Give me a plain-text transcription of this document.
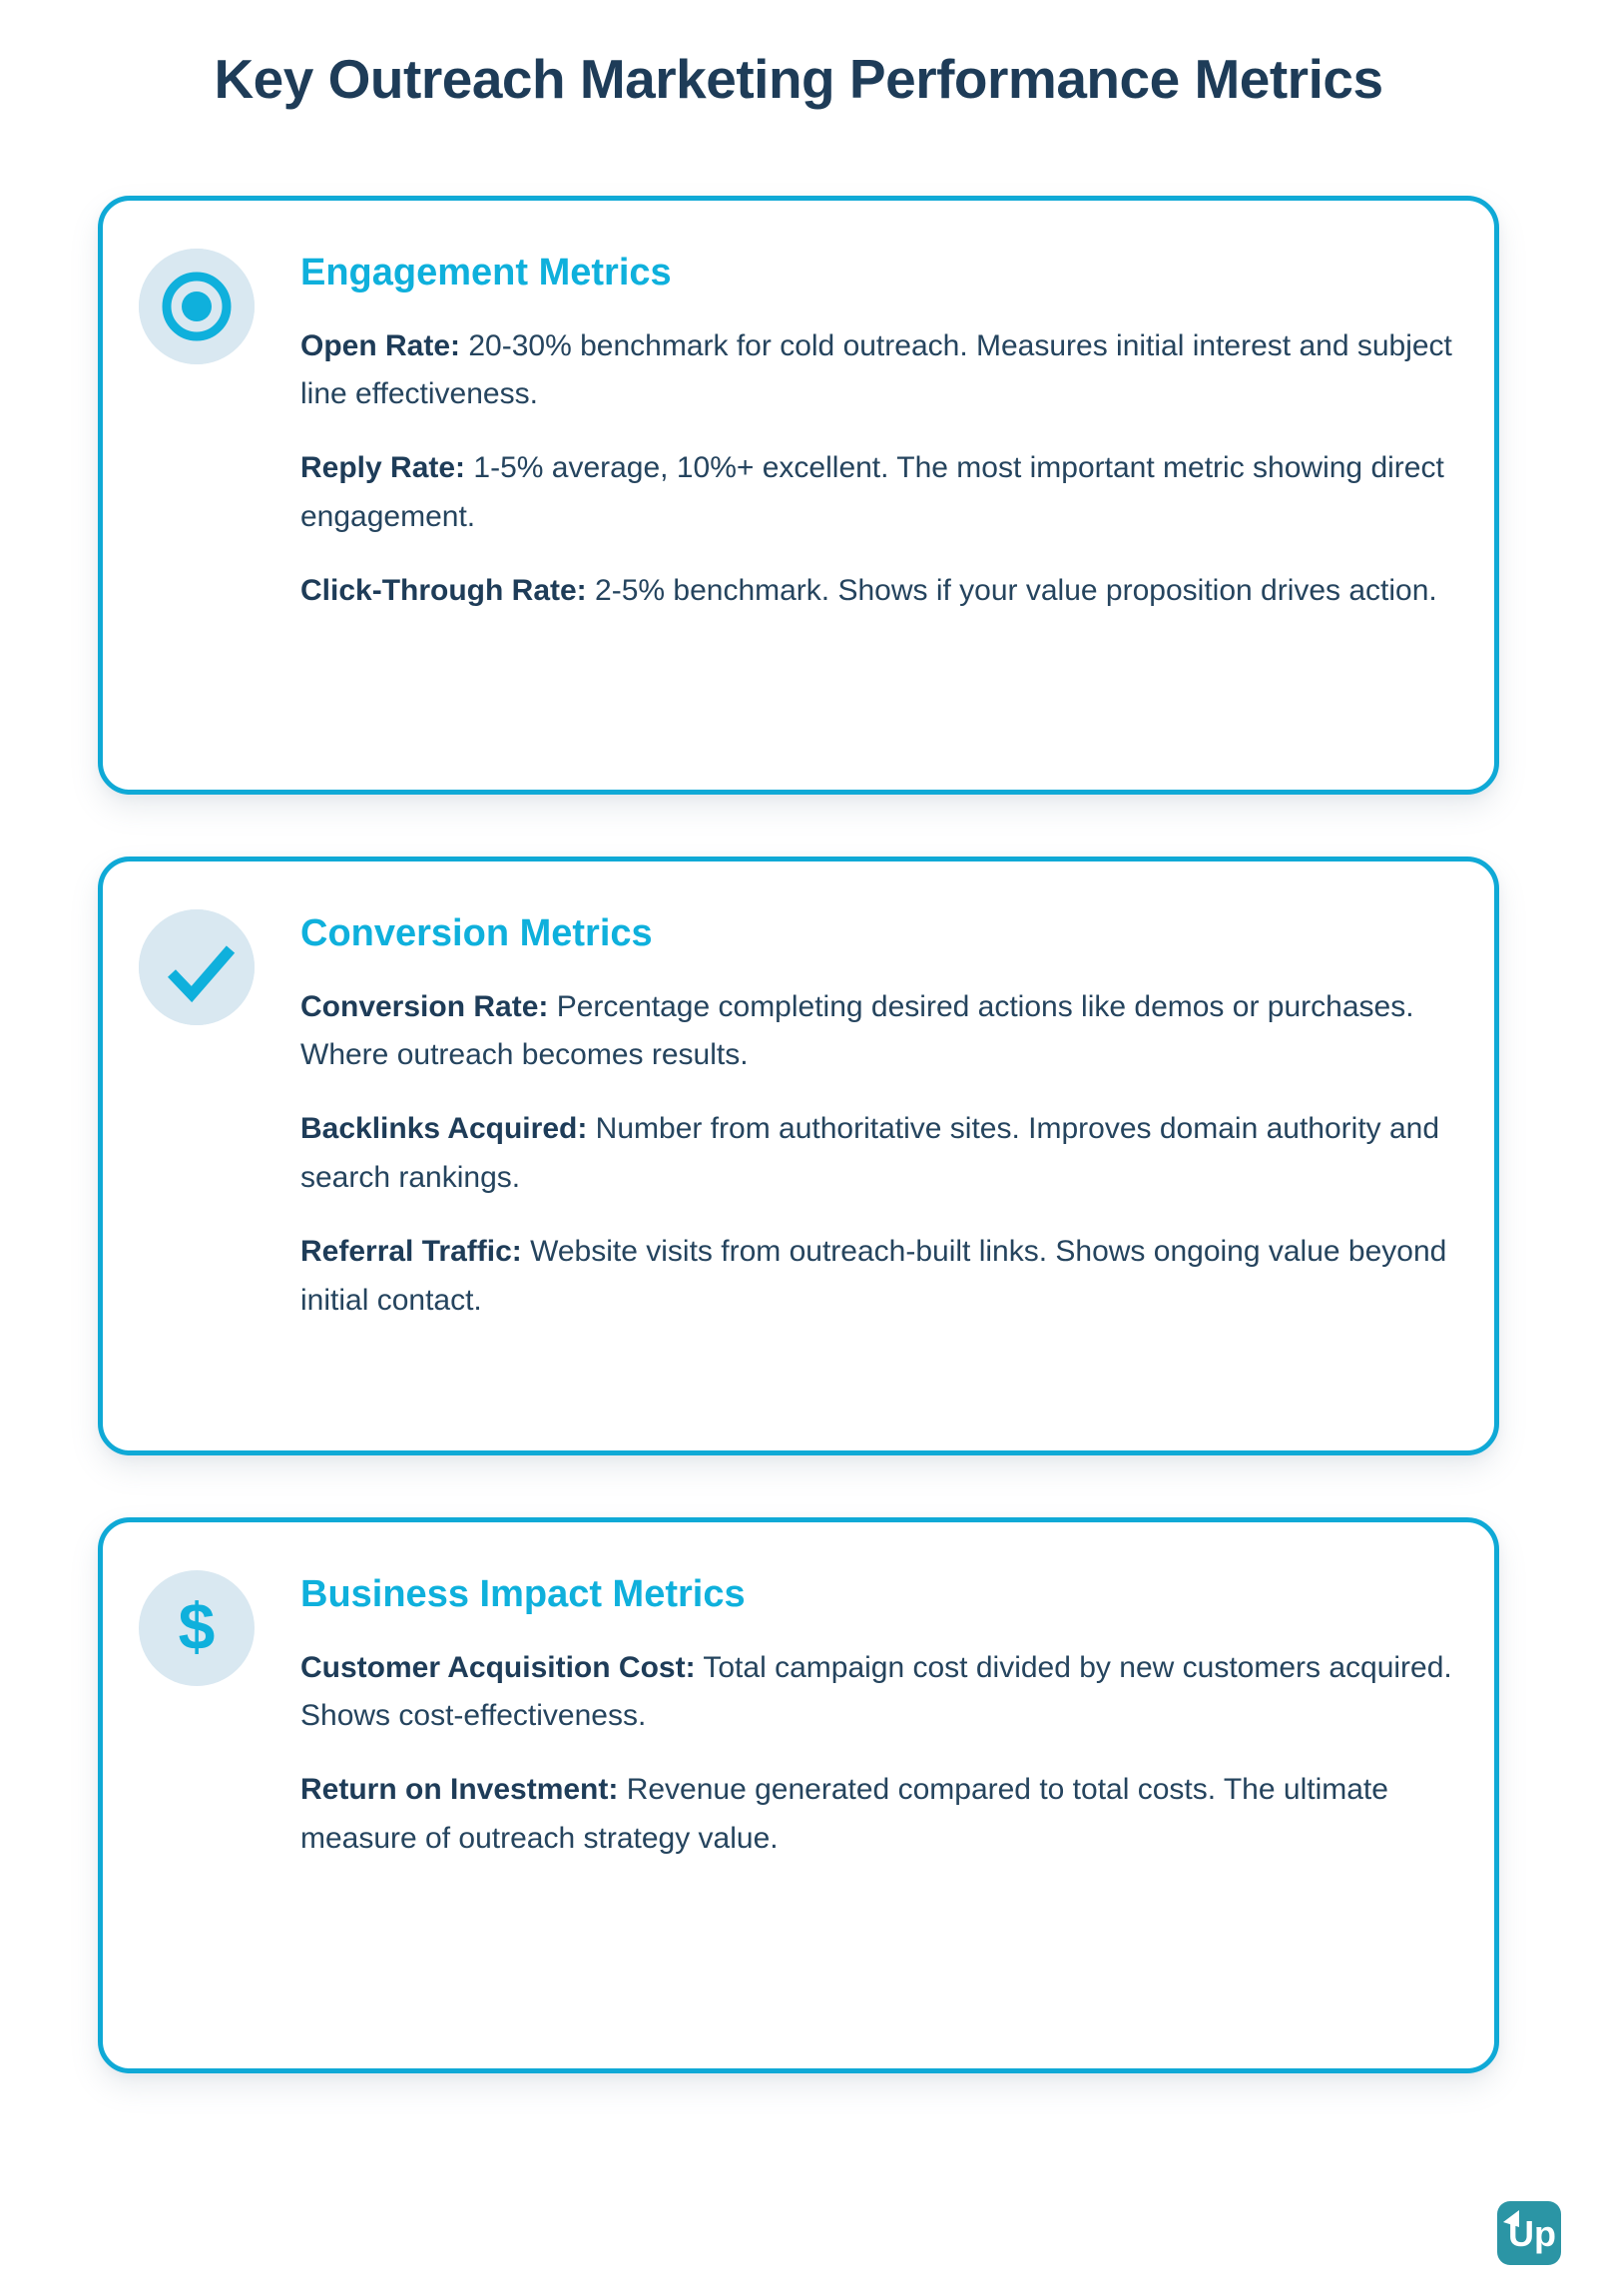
Key Outreach Marketing Performance Metrics
Engagement Metrics

Open Rate: 20-30% benchmark for cold outreach. Measures initial interest and subject line effectiveness.

Reply Rate: 1-5% average, 10%+ excellent. The most important metric showing direct engagement.

Click-Through Rate: 2-5% benchmark. Shows if your value proposition drives action.

Conversion Metrics

Conversion Rate: Percentage completing desired actions like demos or purchases. Where outreach becomes results.

Backlinks Acquired: Number from authoritative sites. Improves domain authority and search rankings.

Referral Traffic: Website visits from outreach-built links. Shows ongoing value beyond initial contact.

$ Business Impact Metrics

Customer Acquisition Cost: Total campaign cost divided by new customers acquired. Shows cost-effectiveness.

Return on Investment: Revenue generated compared to total costs. The ultimate measure of outreach strategy value.

Up
